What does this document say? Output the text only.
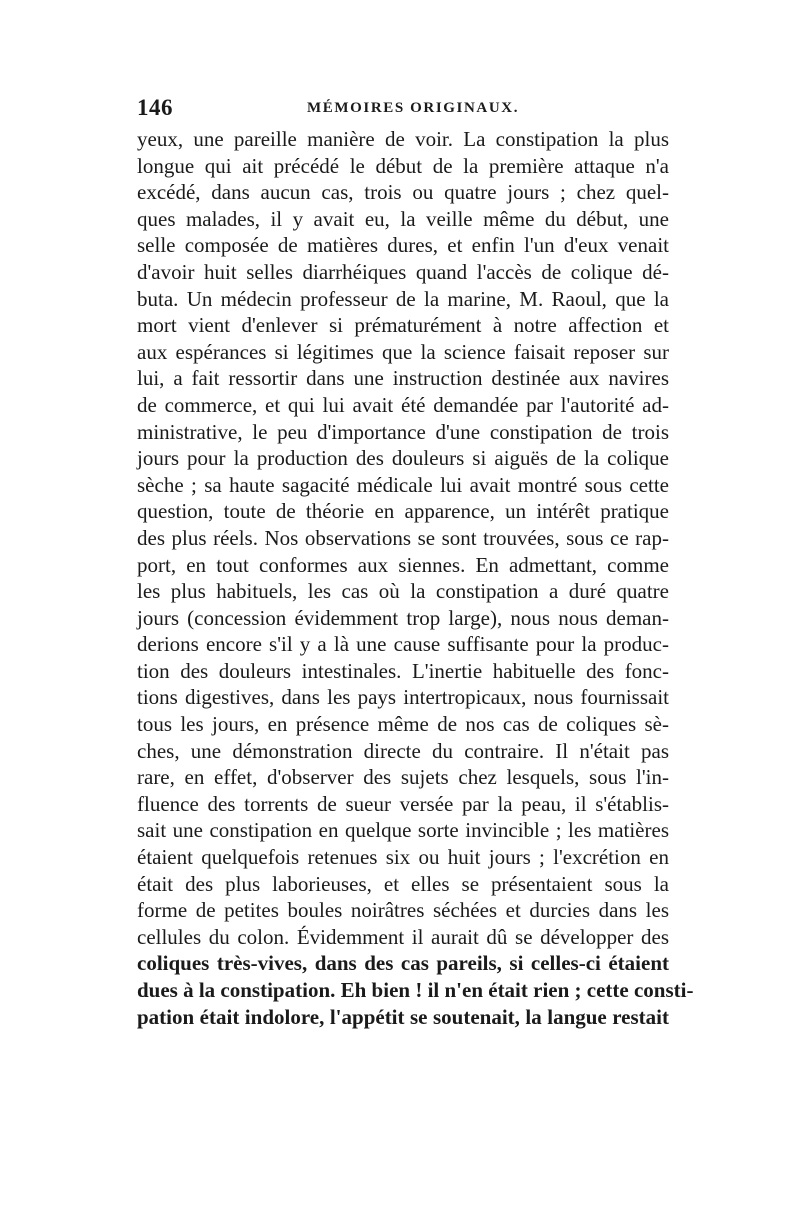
146	MÉMOIRES ORIGINAUX.
yeux, une pareille manière de voir. La constipation la plus
longue qui ait précédé le début de la première attaque n'a
excédé, dans aucun cas, trois ou quatre jours ; chez quel-
ques malades, il y avait eu, la veille même du début, une
selle composée de matières dures, et enfin l'un d'eux venait
d'avoir huit selles diarrhéiques quand l'accès de colique dé-
buta. Un médecin professeur de la marine, M. Raoul, que la
mort vient d'enlever si prématurément à notre affection et
aux espérances si légitimes que la science faisait reposer sur
lui, a fait ressortir dans une instruction destinée aux navires
de commerce, et qui lui avait été demandée par l'autorité ad-
ministrative, le peu d'importance d'une constipation de trois
jours pour la production des douleurs si aiguës de la colique
sèche ; sa haute sagacité médicale lui avait montré sous cette
question, toute de théorie en apparence, un intérêt pratique
des plus réels. Nos observations se sont trouvées, sous ce rap-
port, en tout conformes aux siennes. En admettant, comme
les plus habituels, les cas où la constipation a duré quatre
jours (concession évidemment trop large), nous nous deman-
derions encore s'il y a là une cause suffisante pour la produc-
tion des douleurs intestinales. L'inertie habituelle des fonc-
tions digestives, dans les pays intertropicaux, nous fournissait
tous les jours, en présence même de nos cas de coliques sè-
ches, une démonstration directe du contraire. Il n'était pas
rare, en effet, d'observer des sujets chez lesquels, sous l'in-
fluence des torrents de sueur versée par la peau, il s'établis-
sait une constipation en quelque sorte invincible ; les matières
étaient quelquefois retenues six ou huit jours ; l'excrétion en
était des plus laborieuses, et elles se présentaient sous la
forme de petites boules noirâtres séchées et durcies dans les
cellules du colon. Évidemment il aurait dû se développer des
coliques très-vives, dans des cas pareils, si celles-ci étaient
dues à la constipation. Eh bien ! il n'en était rien ; cette consti-
pation était indolore, l'appétit se soutenait, la langue restait
